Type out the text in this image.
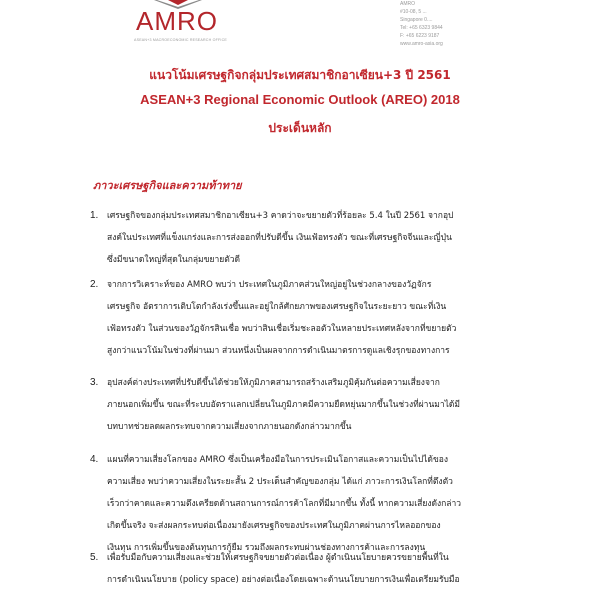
AMRO
ASEAN+3 MACROECONOMIC RESEARCH OFFICE
AMRO
#10-08, 5 ...
Singapore 0....
Tel: +65 6323 9844
F: +65 6223 9187
www.amro-asia.org
แนวโน้มเศรษฐกิจกลุ่มประเทศสมาชิกอาเซียน+3 ปี 2561
ASEAN+3 Regional Economic Outlook (AREO) 2018
ประเด็นหลัก
ภาวะเศรษฐกิจและความท้าทาย
1. เศรษฐกิจของกลุ่มประเทศสมาชิกอาเซียน+3 คาดว่าจะขยายตัวที่ร้อยละ 5.4 ในปี 2561 จากอุป
สงค์ในประเทศที่แข็งแกร่งและการส่งออกที่ปรับดีขึ้น เงินเฟ้อทรงตัว ขณะที่เศรษฐกิจจีนและญี่ปุ่น
ซึ่งมีขนาดใหญ่ที่สุดในกลุ่มขยายตัวดี
2. จากการวิเคราะห์ของ AMRO พบว่า ประเทศในภูมิภาคส่วนใหญ่อยู่ในช่วงกลางของวัฏจักร
เศรษฐกิจ อัตราการเติบโตกำลังเร่งขึ้นและอยู่ใกล้ศักยภาพของเศรษฐกิจในระยะยาว ขณะที่เงิน
เฟ้อทรงตัว ในส่วนของวัฏจักรสินเชื่อ พบว่าสินเชื่อเริ่มชะลอตัวในหลายประเทศหลังจากที่ขยายตัว
สูงกว่าแนวโน้มในช่วงที่ผ่านมา ส่วนหนึ่งเป็นผลจากการดำเนินมาตรการดูแลเชิงรุกของทางการ
3. อุปสงค์ต่างประเทศที่ปรับดีขึ้นได้ช่วยให้ภูมิภาคสามารถสร้างเสริมภูมิคุ้มกันต่อความเสี่ยงจาก
ภายนอกเพิ่มขึ้น ขณะที่ระบบอัตราแลกเปลี่ยนในภูมิภาคมีความยืดหยุ่นมากขึ้นในช่วงที่ผ่านมาได้มี
บทบาทช่วยลดผลกระทบจากความเสี่ยงจากภายนอกดังกล่าวมากขึ้น
4. แผนที่ความเสี่ยงโลกของ AMRO ซึ่งเป็นเครื่องมือในการประเมินโอกาสและความเป็นไปได้ของ
ความเสี่ยง พบว่าความเสี่ยงในระยะสั้น 2 ประเด็นสำคัญของกลุ่ม ได้แก่ ภาวะการเงินโลกที่ตึงตัว
เร็วกว่าคาดและความตึงเครียดด้านสถานการณ์การค้าโลกที่มีมากขึ้น ทั้งนี้ หากความเสี่ยงดังกล่าว
เกิดขึ้นจริง จะส่งผลกระทบต่อเนื่องมายังเศรษฐกิจของประเทศในภูมิภาคผ่านการไหลออกของ
เงินทุน การเพิ่มขึ้นของต้นทุนการกู้ยืม รวมถึงผลกระทบผ่านช่องทางการค้าและการลงทุน
5. เพื่อรับมือกับความเสี่ยงและช่วยให้เศรษฐกิจขยายตัวต่อเนื่อง ผู้ดำเนินนโยบายควรขยายพื้นที่ใน
การดำเนินนโยบาย (policy space) อย่างต่อเนื่องโดยเฉพาะด้านนโยบายการเงินเพื่อเตรียมรับมือ
